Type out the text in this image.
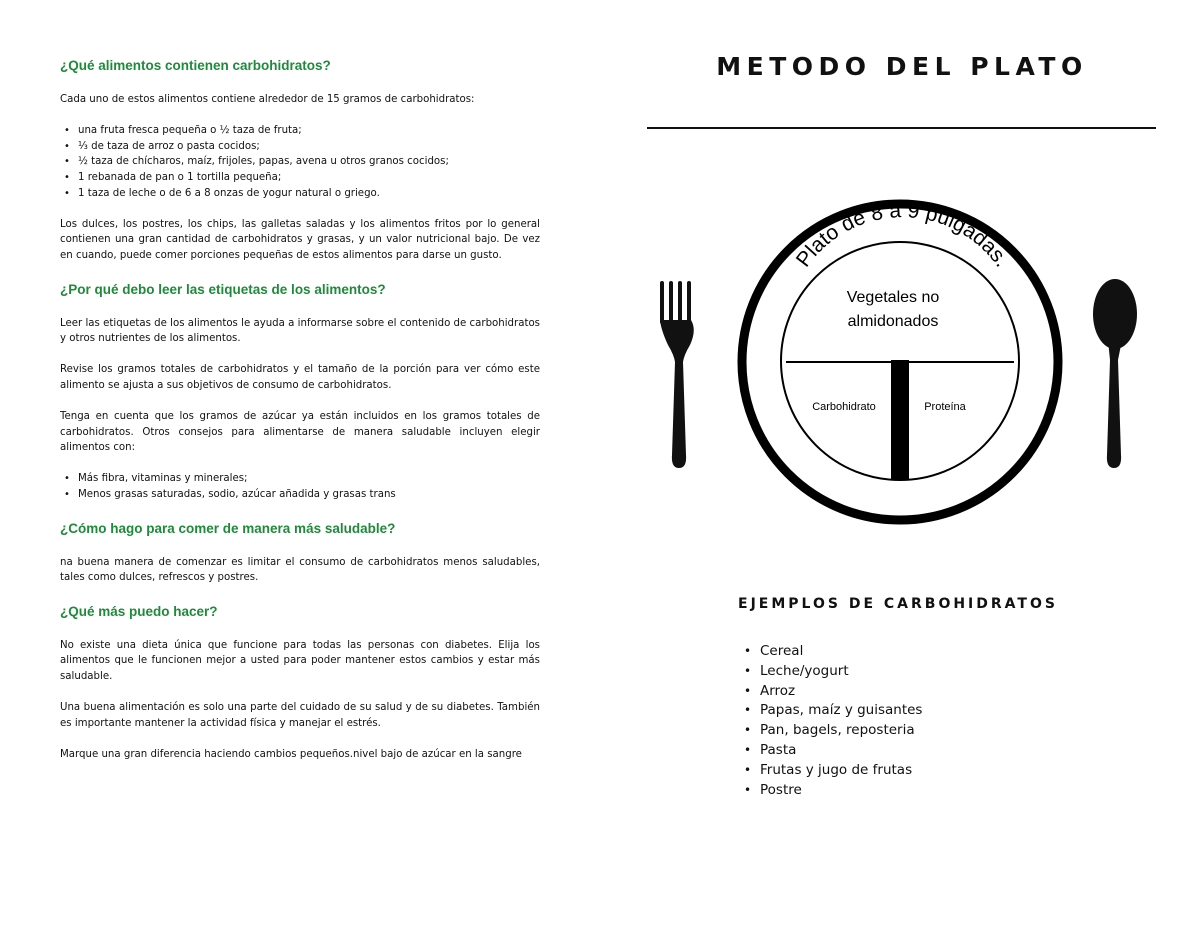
¿Qué alimentos contienen carbohidratos?

Cada uno de estos alimentos contiene alrededor de 15 gramos de carbohidratos:

• una fruta fresca pequeña o ½ taza de fruta;
• ⅓ de taza de arroz o pasta cocidos;
• ½ taza de chícharos, maíz, frijoles, papas, avena u otros granos cocidos;
• 1 rebanada de pan o 1 tortilla pequeña;
• 1 taza de leche o de 6 a 8 onzas de yogur natural o griego.

Los dulces, los postres, los chips, las galletas saladas y los alimentos fritos por lo general contienen una gran cantidad de carbohidratos y grasas, y un valor nutricional bajo. De vez en cuando, puede comer porciones pequeñas de estos alimentos para darse un gusto.

¿Por qué debo leer las etiquetas de los alimentos?

Leer las etiquetas de los alimentos le ayuda a informarse sobre el contenido de carbohidratos y otros nutrientes de los alimentos.

Revise los gramos totales de carbohidratos y el tamaño de la porción para ver cómo este alimento se ajusta a sus objetivos de consumo de carbohidratos.

Tenga en cuenta que los gramos de azúcar ya están incluidos en los gramos totales de carbohidratos. Otros consejos para alimentarse de manera saludable incluyen elegir alimentos con:

• Más fibra, vitaminas y minerales;
• Menos grasas saturadas, sodio, azúcar añadida y grasas trans
¿Cómo hago para comer de manera más saludable?

na buena manera de comenzar es limitar el consumo de carbohidratos menos saludables, tales como dulces, refrescos y postres.

¿Qué más puedo hacer?

No existe una dieta única que funcione para todas las personas con diabetes. Elija los alimentos que le funcionen mejor a usted para poder mantener estos cambios y estar más saludable.

Una buena alimentación es solo una parte del cuidado de su salud y de su diabetes. También es importante mantener la actividad física y manejar el estrés.

Marque una gran diferencia haciendo cambios pequeños.nivel bajo de azúcar en la sangre

METODO DEL PLATO
Plato de 8 a 9 pulgadas.
Vegetales no
almidonados
Carbohidrato	Proteína
EJEMPLOS DE CARBOHIDRATOS
• Cereal
• Leche/yogurt
• Arroz
• Papas, maíz y guisantes
• Pan, bagels, reposteria
• Pasta
• Frutas y jugo de frutas
• Postre
